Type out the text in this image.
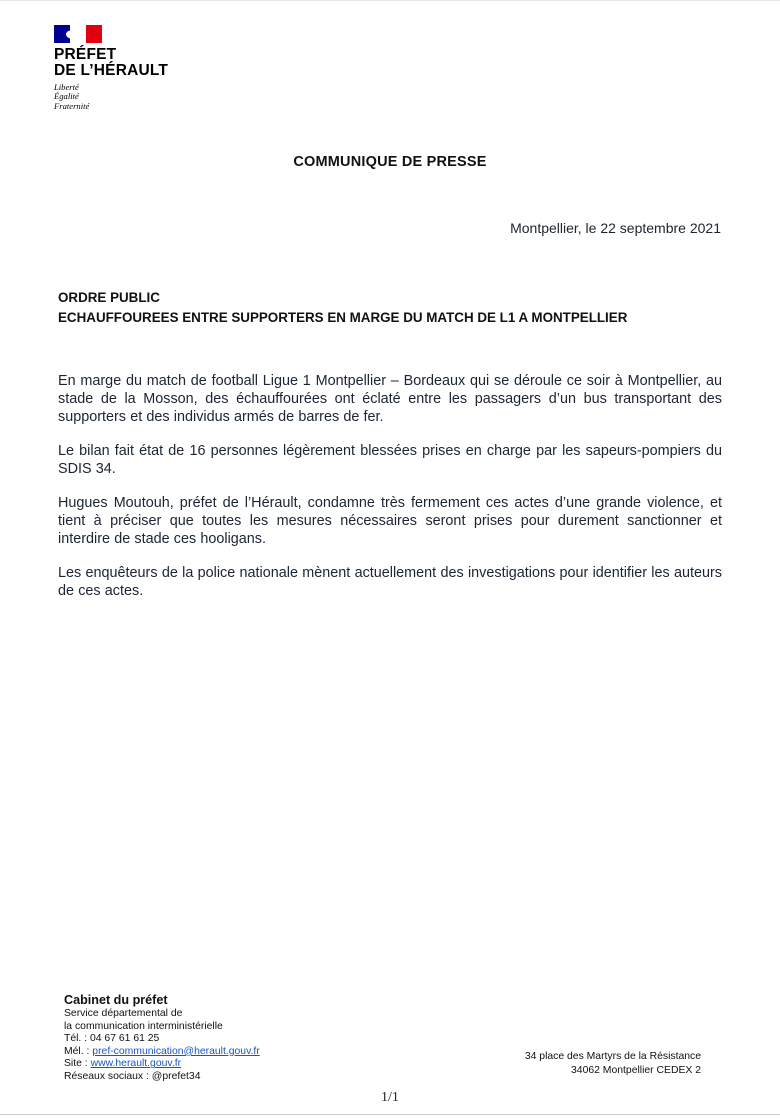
PRÉFET
DE L’HÉRAULT
Liberté
Égalité
Fraternité
COMMUNIQUE DE PRESSE
Montpellier, le 22 septembre 2021
ORDRE PUBLIC
ECHAUFFOUREES ENTRE SUPPORTERS EN MARGE DU MATCH DE L1 A MONTPELLIER

En marge du match de football Ligue 1 Montpellier – Bordeaux qui se déroule ce soir à Montpellier, au stade de la Mosson, des échauffourées ont éclaté entre les passagers d’un bus transportant des supporters et des individus armés de barres de fer.

Le bilan fait état de 16 personnes légèrement blessées prises en charge par les sapeurs-pompiers du SDIS 34.

Hugues Moutouh, préfet de l’Hérault, condamne très fermement ces actes d’une grande violence, et tient à préciser que toutes les mesures nécessaires seront prises pour durement sanctionner et interdire de stade ces hooligans.

Les enquêteurs de la police nationale mènent actuellement des investigations pour identifier les auteurs de ces actes.

Cabinet du préfet
Service départemental de
la communication interministérielle
Tél. : 04 67 61 61 25
Mél. : pref-communication@herault.gouv.fr
Site : www.herault.gouv.fr
Réseaux sociaux : @prefet34
34 place des Martyrs de la Résistance
34062 Montpellier CEDEX 2
1/1
